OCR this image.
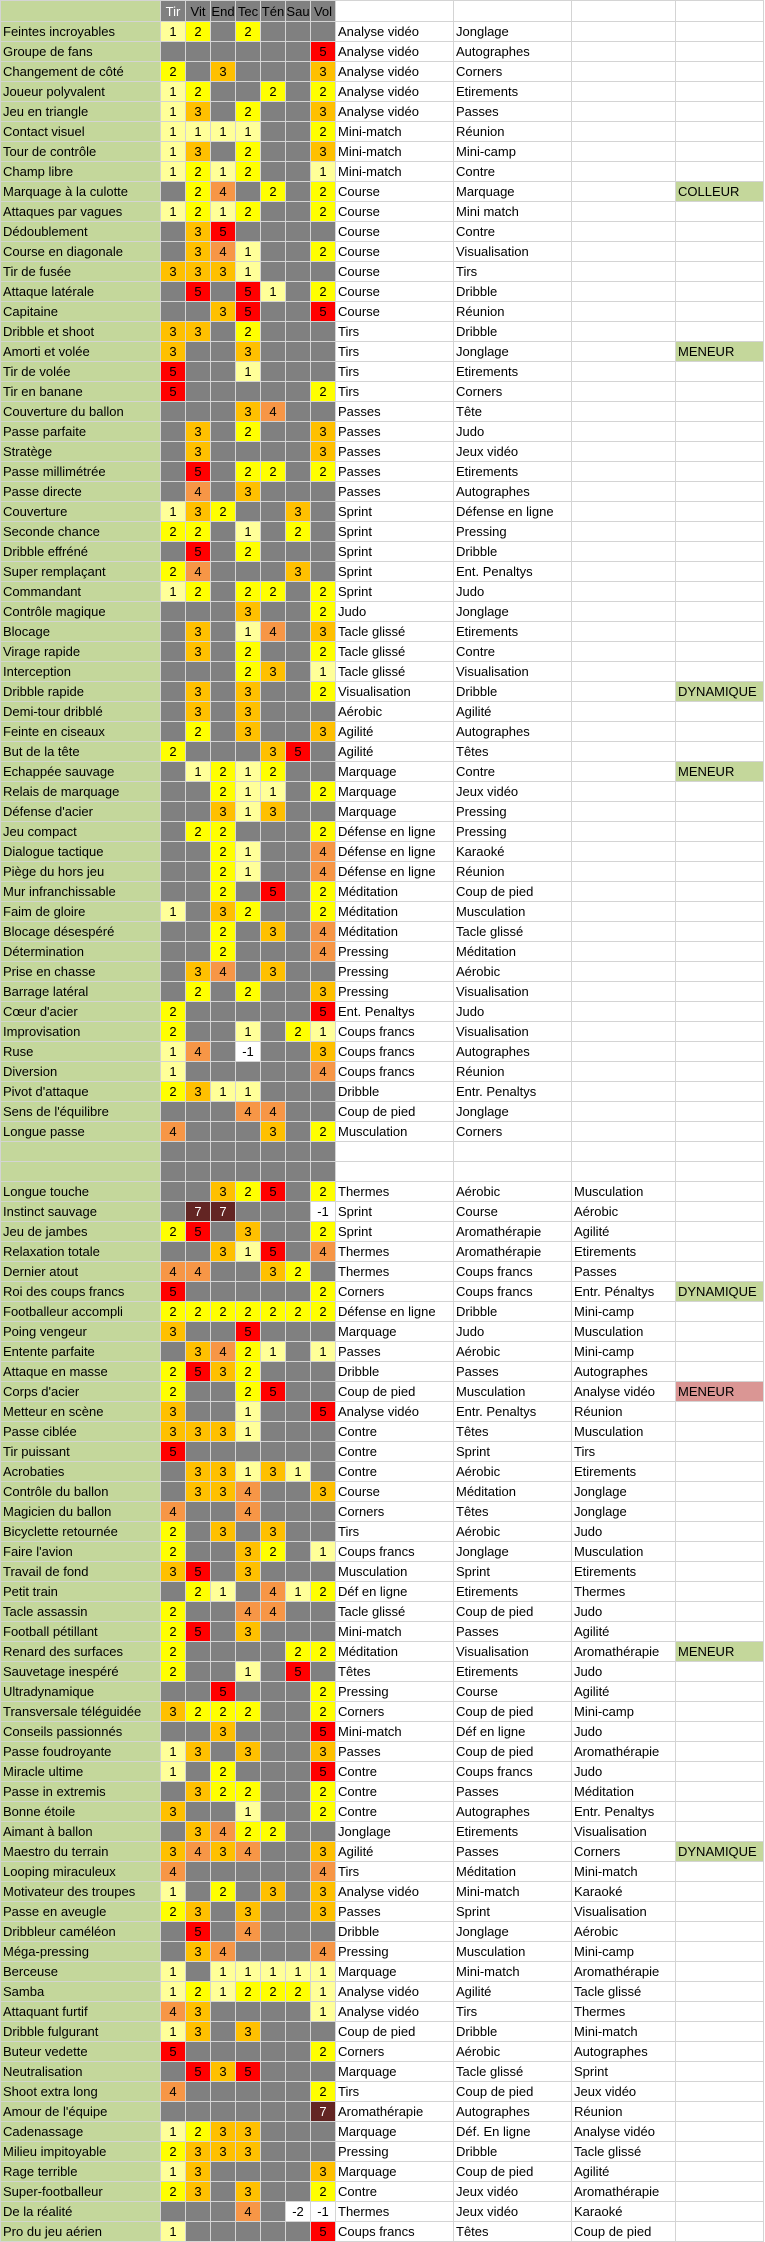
	Tir	Vit	End	Tec	Tén	Sau	Vol				
Feintes incroyables	1	2		2				Analyse vidéo	Jonglage		
Groupe de fans							5	Analyse vidéo	Autographes		
Changement de côté	2		3				3	Analyse vidéo	Corners		
Joueur polyvalent	1	2			2		2	Analyse vidéo	Etirements		
Jeu en triangle	1	3		2			3	Analyse vidéo	Passes		
Contact visuel	1	1	1	1			2	Mini-match	Réunion		
Tour de contrôle	1	3		2			3	Mini-match	Mini-camp		
Champ libre	1	2	1	2			1	Mini-match	Contre		
Marquage à la culotte		2	4		2		2	Course	Marquage		COLLEUR
Attaques par vagues	1	2	1	2			2	Course	Mini match		
Dédoublement		3	5					Course	Contre		
Course en diagonale		3	4	1			2	Course	Visualisation		
Tir de fusée	3	3	3	1				Course	Tirs		
Attaque latérale		5		5	1		2	Course	Dribble		
Capitaine			3	5			5	Course	Réunion		
Dribble et shoot	3	3		2				Tirs	Dribble		
Amorti et volée	3			3				Tirs	Jonglage		MENEUR
Tir de volée	5			1				Tirs	Etirements		
Tir en banane	5						2	Tirs	Corners		
Couverture du ballon				3	4			Passes	Tête		
Passe parfaite		3		2			3	Passes	Judo		
Stratège		3					3	Passes	Jeux vidéo		
Passe millimétrée		5		2	2		2	Passes	Etirements		
Passe directe		4		3				Passes	Autographes		
Couverture	1	3	2			3		Sprint	Défense en ligne		
Seconde chance	2	2		1		2		Sprint	Pressing		
Dribble effréné		5		2				Sprint	Dribble		
Super remplaçant	2	4				3		Sprint	Ent. Penaltys		
Commandant	1	2		2	2		2	Sprint	Judo		
Contrôle magique				3			2	Judo	Jonglage		
Blocage		3		1	4		3	Tacle glissé	Etirements		
Virage rapide		3		2			2	Tacle glissé	Contre		
Interception				2	3		1	Tacle glissé	Visualisation		
Dribble rapide		3		3			2	Visualisation	Dribble		DYNAMIQUE
Demi-tour dribblé		3		3				Aérobic	Agilité		
Feinte en ciseaux		2		3			3	Agilité	Autographes		
But de la tête	2				3	5		Agilité	Têtes		
Echappée sauvage		1	2	1	2			Marquage	Contre		MENEUR
Relais de marquage			2	1	1		2	Marquage	Jeux vidéo		
Défense d'acier			3	1	3			Marquage	Pressing		
Jeu compact		2	2				2	Défense en ligne	Pressing		
Dialogue tactique			2	1			4	Défense en ligne	Karaoké		
Piège du hors jeu			2	1			4	Défense en ligne	Réunion		
Mur infranchissable			2		5		2	Méditation	Coup de pied		
Faim de gloire	1		3	2			2	Méditation	Musculation		
Blocage désespéré			2		3		4	Méditation	Tacle glissé		
Détermination			2				4	Pressing	Méditation		
Prise en chasse		3	4		3			Pressing	Aérobic		
Barrage latéral		2		2			3	Pressing	Visualisation		
Cœur d'acier	2						5	Ent. Penaltys	Judo		
Improvisation	2			1		2	1	Coups francs	Visualisation		
Ruse	1	4		-1			3	Coups francs	Autographes		
Diversion	1						4	Coups francs	Réunion		
Pivot d'attaque	2	3	1	1				Dribble	Entr. Penaltys		
Sens de l'équilibre				4	4			Coup de pied	Jonglage		
Longue passe	4				3		2	Musculation	Corners		

Longue touche			3	2	5		2	Thermes	Aérobic	Musculation	
Instinct sauvage		7	7				-1	Sprint	Course	Aérobic	
Jeu de jambes	2	5		3			2	Sprint	Aromathérapie	Agilité	
Relaxation totale			3	1	5		4	Thermes	Aromathérapie	Etirements	
Dernier atout	4	4			3	2		Thermes	Coups francs	Passes	
Roi des coups francs	5						2	Corners	Coups francs	Entr. Pénaltys	DYNAMIQUE
Footballeur accompli	2	2	2	2	2	2	2	Défense en ligne	Dribble	Mini-camp	
Poing vengeur	3			5				Marquage	Judo	Musculation	
Entente parfaite		3	4	2	1		1	Passes	Aérobic	Mini-camp	
Attaque en masse	2	5	3	2				Dribble	Passes	Autographes	
Corps d'acier	2			2	5			Coup de pied	Musculation	Analyse vidéo	MENEUR
Metteur en scène	3			1			5	Analyse vidéo	Entr. Penaltys	Réunion	
Passe ciblée	3	3	3	1				Contre	Têtes	Musculation	
Tir puissant	5							Contre	Sprint	Tirs	
Acrobaties		3	3	1	3	1		Contre	Aérobic	Etirements	
Contrôle du ballon		3	3	4			3	Course	Méditation	Jonglage	
Magicien du ballon	4			4				Corners	Têtes	Jonglage	
Bicyclette retournée	2		3		3			Tirs	Aérobic	Judo	
Faire l'avion	2			3	2		1	Coups francs	Jonglage	Musculation	
Travail de fond	3	5		3				Musculation	Sprint	Etirements	
Petit train		2	1		4	1	2	Déf en ligne	Etirements	Thermes	
Tacle assassin	2			4	4			Tacle glissé	Coup de pied	Judo	
Football pétillant	2	5		3				Mini-match	Passes	Agilité	
Renard des surfaces	2					2	2	Méditation	Visualisation	Aromathérapie	MENEUR
Sauvetage inespéré	2			1		5		Têtes	Etirements	Judo	
Ultradynamique			5				2	Pressing	Course	Agilité	
Transversale téléguidée	3	2	2	2			2	Corners	Coup de pied	Mini-camp	
Conseils passionnés			3				5	Mini-match	Déf en ligne	Judo	
Passe foudroyante	1	3		3			3	Passes	Coup de pied	Aromathérapie	
Miracle ultime	1		2				5	Contre	Coups francs	Judo	
Passe in extremis		3	2	2			2	Contre	Passes	Méditation	
Bonne étoile	3			1			2	Contre	Autographes	Entr. Penaltys	
Aimant à ballon		3	4	2	2			Jonglage	Etirements	Visualisation	
Maestro du terrain	3	4	3	4			3	Agilité	Passes	Corners	DYNAMIQUE
Looping miraculeux	4						4	Tirs	Méditation	Mini-match	
Motivateur des troupes	1		2		3		3	Analyse vidéo	Mini-match	Karaoké	
Passe en aveugle	2	3		3			3	Passes	Sprint	Visualisation	
Dribbleur caméléon		5		4				Dribble	Jonglage	Aérobic	
Méga-pressing		3	4				4	Pressing	Musculation	Mini-camp	
Berceuse	1		1	1	1	1	1	Marquage	Mini-match	Aromathérapie	
Samba	1	2	1	2	2	2	1	Analyse vidéo	Agilité	Tacle glissé	
Attaquant furtif	4	3					1	Analyse vidéo	Tirs	Thermes	
Dribble fulgurant	1	3		3				Coup de pied	Dribble	Mini-match	
Buteur vedette	5						2	Corners	Aérobic	Autographes	
Neutralisation		5	3	5				Marquage	Tacle glissé	Sprint	
Shoot extra long	4						2	Tirs	Coup de pied	Jeux vidéo	
Amour de l'équipe							7	Aromathérapie	Autographes	Réunion	
Cadenassage	1	2	3	3				Marquage	Déf. En ligne	Analyse vidéo	
Milieu impitoyable	2	3	3	3				Pressing	Dribble	Tacle glissé	
Rage terrible	1	3					3	Marquage	Coup de pied	Agilité	
Super-footballeur	2	3		3			2	Contre	Jeux vidéo	Aromathérapie	
De la réalité				4		-2	-1	Thermes	Jeux vidéo	Karaoké	
Pro du jeu aérien	1						5	Coups francs	Têtes	Coup de pied	
